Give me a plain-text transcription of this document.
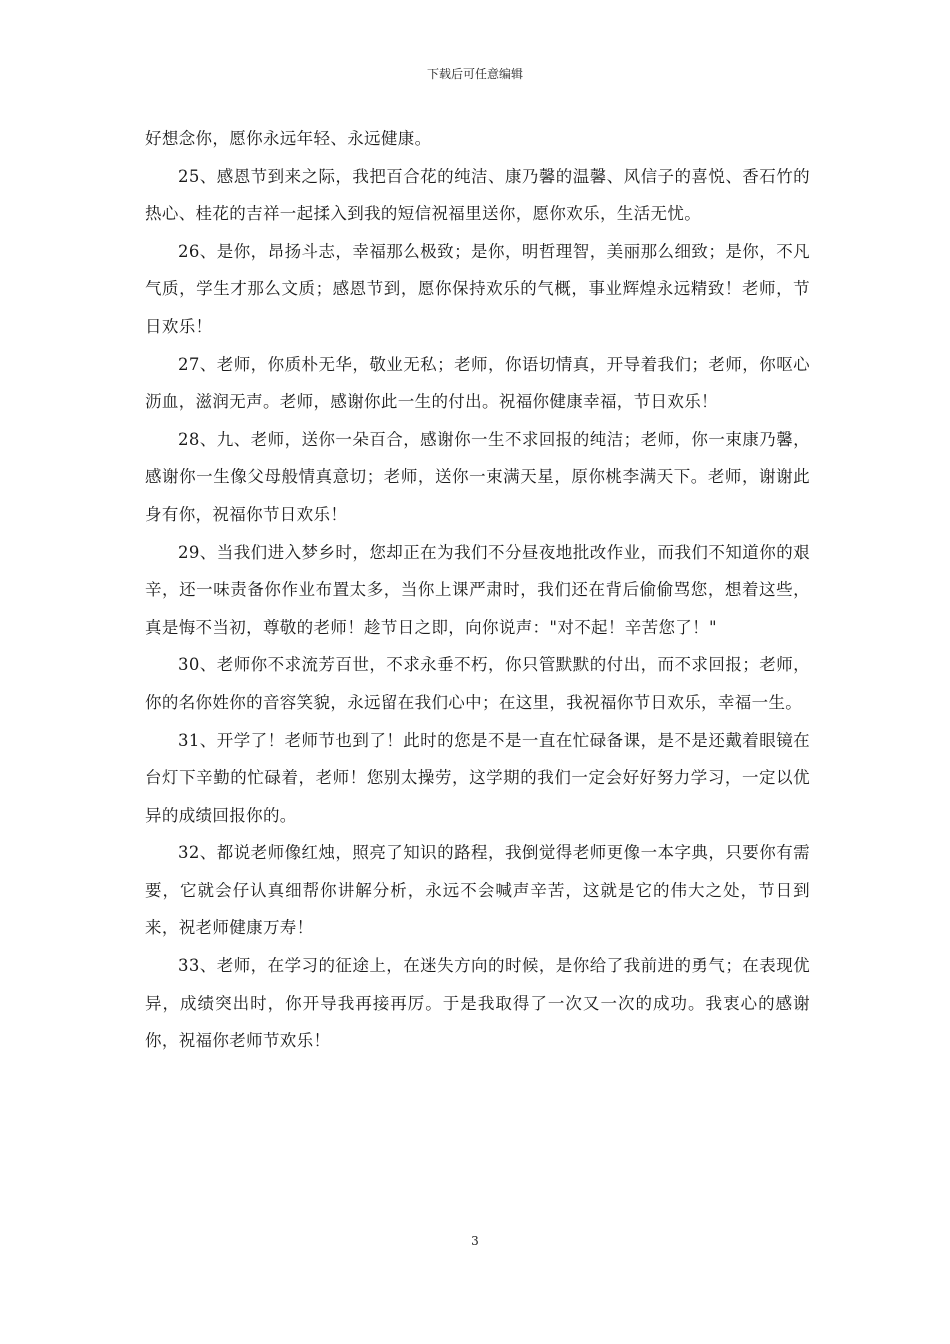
下载后可任意编辑

好想念你，愿你永远年轻、永远健康。

25、感恩节到来之际，我把百合花的纯洁、康乃馨的温馨、风信子的喜悦、香石竹的热心、桂花的吉祥一起揉入到我的短信祝福里送你，愿你欢乐，生活无忧。

26、是你，昂扬斗志，幸福那么极致；是你，明哲理智，美丽那么细致；是你，不凡气质，学生才那么文质；感恩节到，愿你保持欢乐的气概，事业辉煌永远精致！老师，节日欢乐！

27、老师，你质朴无华，敬业无私；老师，你语切情真，开导着我们；老师，你呕心沥血，滋润无声。老师，感谢你此一生的付出。祝福你健康幸福，节日欢乐！

28、九、老师，送你一朵百合，感谢你一生不求回报的纯洁；老师，你一束康乃馨，感谢你一生像父母般情真意切；老师，送你一束满天星，原你桃李满天下。老师，谢谢此身有你，祝福你节日欢乐！

29、当我们进入梦乡时，您却正在为我们不分昼夜地批改作业，而我们不知道你的艰辛，还一味责备你作业布置太多，当你上课严肃时，我们还在背后偷偷骂您，想着这些，真是悔不当初，尊敬的老师！趁节日之即，向你说声："对不起！辛苦您了！"

30、老师你不求流芳百世，不求永垂不朽，你只管默默的付出，而不求回报；老师，你的名你姓你的音容笑貌，永远留在我们心中；在这里，我祝福你节日欢乐，幸福一生。

31、开学了！老师节也到了！此时的您是不是一直在忙碌备课，是不是还戴着眼镜在台灯下辛勤的忙碌着，老师！您别太操劳，这学期的我们一定会好好努力学习，一定以优异的成绩回报你的。

32、都说老师像红烛，照亮了知识的路程，我倒觉得老师更像一本字典，只要你有需要，它就会仔认真细帮你讲解分析，永远不会喊声辛苦，这就是它的伟大之处，节日到来，祝老师健康万寿！

33、老师，在学习的征途上，在迷失方向的时候，是你给了我前进的勇气；在表现优异，成绩突出时，你开导我再接再厉。于是我取得了一次又一次的成功。我衷心的感谢你，祝福你老师节欢乐！

3
